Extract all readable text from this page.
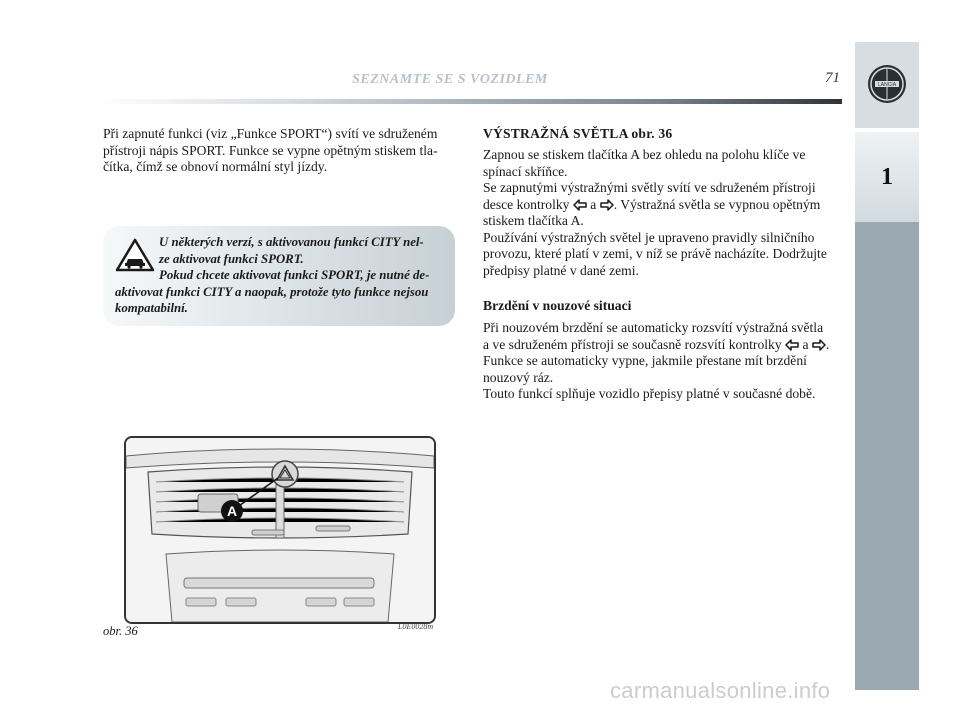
SEZNAMTE SE S VOZIDLEM	71	LANCIA
1
Při zapnuté funkci (viz „Funkce SPORT“) svítí ve sdruženém
přístroji nápis SPORT. Funkce se vypne opětným stiskem tla-
čítka, čímž se obnoví normální styl jízdy.
U některých verzí, s aktivovanou funkcí CITY nel-
ze aktivovat funkci SPORT.
Pokud chcete aktivovat funkci SPORT, je nutné de-
aktivovat funkci CITY a naopak, protože tyto funkce nejsou
kompatabilní.
A
obr. 36	L0E0028m
VÝSTRAŽNÁ SVĚTLA obr. 36
Zapnou se stiskem tlačítka A bez ohledu na polohu klíče ve
spínací skříňce.
Se zapnutými výstražnými světly svítí ve sdruženém přístroji
desce kontrolky a . Výstražná světla se vypnou opětným
stiskem tlačítka A.
Používání výstražných světel je upraveno pravidly silničního
provozu, které platí v zemi, v níž se právě nacházíte. Dodržujte
předpisy platné v dané zemi.
Brzdění v nouzové situaci
Při nouzovém brzdění se automaticky rozsvítí výstražná světla
a ve sdruženém přístroji se současně rozsvítí kontrolky a .
Funkce se automaticky vypne, jakmile přestane mít brzdění
nouzový ráz.
Touto funkcí splňuje vozidlo přepisy platné v současné době.
carmanualsonline.info
